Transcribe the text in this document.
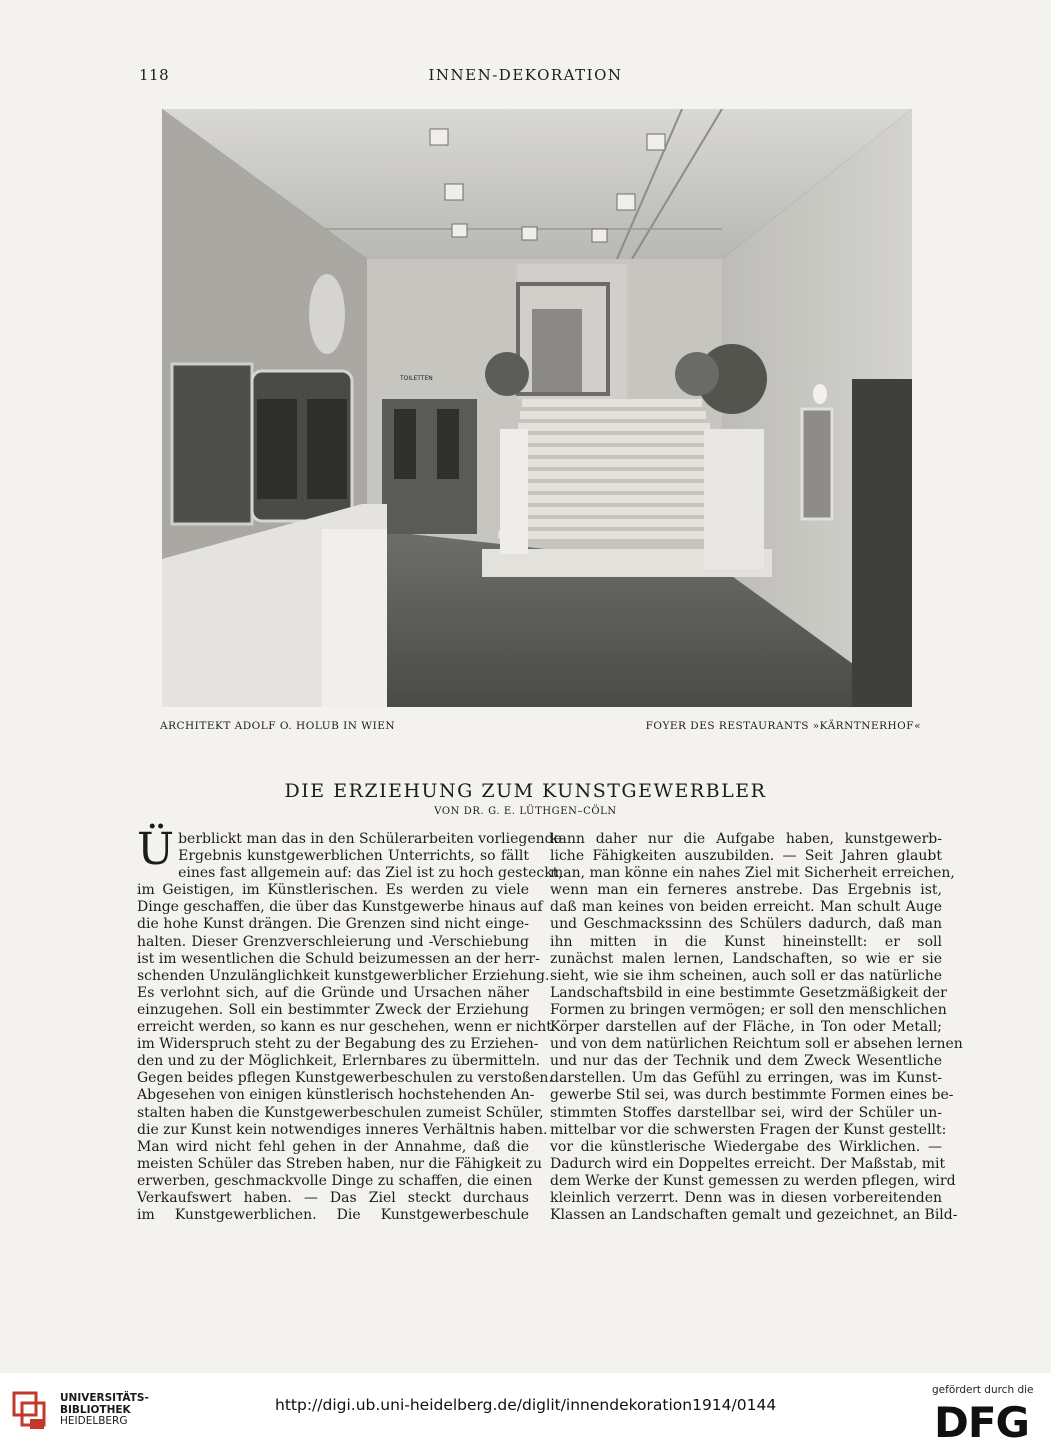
118	INNEN-DEKORATION
TOILETTEN
ARCHITEKT ADOLF O. HOLUB IN WIEN	FOYER DES RESTAURANTS »KÄRNTNERHOF«
DIE ERZIEHUNG ZUM KUNSTGEWERBLER
VON DR. G. E. LÜTHGEN–CÖLN
Ü berblickt man das in den Schülerarbeiten vorliegende

Ergebnis kunstgewerblichen Unterrichts, so fällt

eines fast allgemein auf: das Ziel ist zu hoch gesteckt,

im Geistigen, im Künstlerischen. Es werden zu viele

Dinge geschaffen, die über das Kunstgewerbe hinaus auf

die hohe Kunst drängen. Die Grenzen sind nicht einge-

halten. Dieser Grenzverschleierung und -Verschiebung

ist im wesentlichen die Schuld beizumessen an der herr-

schenden Unzulänglichkeit kunstgewerblicher Erziehung.

Es verlohnt sich, auf die Gründe und Ursachen näher

einzugehen. Soll ein bestimmter Zweck der Erziehung

erreicht werden, so kann es nur geschehen, wenn er nicht

im Widerspruch steht zu der Begabung des zu Erziehen-

den und zu der Möglichkeit, Erlernbares zu übermitteln.

Gegen beides pflegen Kunstgewerbeschulen zu verstoßen.

Abgesehen von einigen künstlerisch hochstehenden An-

stalten haben die Kunstgewerbeschulen zumeist Schüler,

die zur Kunst kein notwendiges inneres Verhältnis haben.

Man wird nicht fehl gehen in der Annahme, daß die

meisten Schüler das Streben haben, nur die Fähigkeit zu

erwerben, geschmackvolle Dinge zu schaffen, die einen

Verkaufswert haben. — Das Ziel steckt durchaus

im Kunstgewerblichen. Die Kunstgewerbeschule

kann daher nur die Aufgabe haben, kunstgewerb-

liche Fähigkeiten auszubilden. — Seit Jahren glaubt

man, man könne ein nahes Ziel mit Sicherheit erreichen,

wenn man ein ferneres anstrebe. Das Ergebnis ist,

daß man keines von beiden erreicht. Man schult Auge

und Geschmackssinn des Schülers dadurch, daß man

ihn mitten in die Kunst hineinstellt: er soll

zunächst malen lernen, Landschaften, so wie er sie

sieht, wie sie ihm scheinen, auch soll er das natürliche

Landschaftsbild in eine bestimmte Gesetzmäßigkeit der

Formen zu bringen vermögen; er soll den menschlichen

Körper darstellen auf der Fläche, in Ton oder Metall;

und von dem natürlichen Reichtum soll er absehen lernen

und nur das der Technik und dem Zweck Wesentliche

darstellen. Um das Gefühl zu erringen, was im Kunst-

gewerbe Stil sei, was durch bestimmte Formen eines be-

stimmten Stoffes darstellbar sei, wird der Schüler un-

mittelbar vor die schwersten Fragen der Kunst gestellt:

vor die künstlerische Wiedergabe des Wirklichen. —

Dadurch wird ein Doppeltes erreicht. Der Maßstab, mit

dem Werke der Kunst gemessen zu werden pflegen, wird

kleinlich verzerrt. Denn was in diesen vorbereitenden

Klassen an Landschaften gemalt und gezeichnet, an Bild-

UNIVERSITÄTS-
BIBLIOTHEK
HEIDELBERG
http://digi.ub.uni-heidelberg.de/diglit/innendekoration1914/0144
gefördert durch die
DFG
